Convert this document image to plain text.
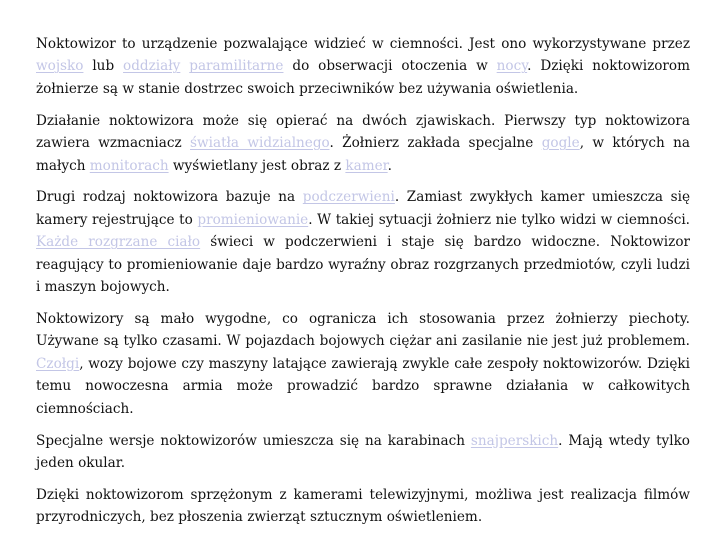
Noktowizor to urządzenie pozwalające widzieć w ciemności. Jest ono wykorzystywane przez wojsko lub oddziały paramilitarne do obserwacji otoczenia w nocy. Dzięki noktowizorom żołnierze są w stanie dostrzec swoich przeciwników bez używania oświetlenia.

Działanie noktowizora może się opierać na dwóch zjawiskach. Pierwszy typ noktowizora zawiera wzmacniacz światła widzialnego. Żołnierz zakłada specjalne gogle, w których na małych monitorach wyświetlany jest obraz z kamer.

Drugi rodzaj noktowizora bazuje na podczerwieni. Zamiast zwykłych kamer umieszcza się kamery rejestrujące to promieniowanie. W takiej sytuacji żołnierz nie tylko widzi w ciemności. Każde rozgrzane ciało świeci w podczerwieni i staje się bardzo widoczne. Noktowizor reagujący to promieniowanie daje bardzo wyraźny obraz rozgrzanych przedmiotów, czyli ludzi i maszyn bojowych.

Noktowizory są mało wygodne, co ogranicza ich stosowania przez żołnierzy piechoty. Używane są tylko czasami. W pojazdach bojowych ciężar ani zasilanie nie jest już problemem. Czołgi, wozy bojowe czy maszyny latające zawierają zwykle całe zespoły noktowizorów. Dzięki temu nowoczesna armia może prowadzić bardzo sprawne działania w całkowitych ciemnościach.

Specjalne wersje noktowizorów umieszcza się na karabinach snajperskich. Mają wtedy tylko jeden okular.

Dzięki noktowizorom sprzężonym z kamerami telewizyjnymi, możliwa jest realizacja filmów przyrodniczych, bez płoszenia zwierząt sztucznym oświetleniem.
